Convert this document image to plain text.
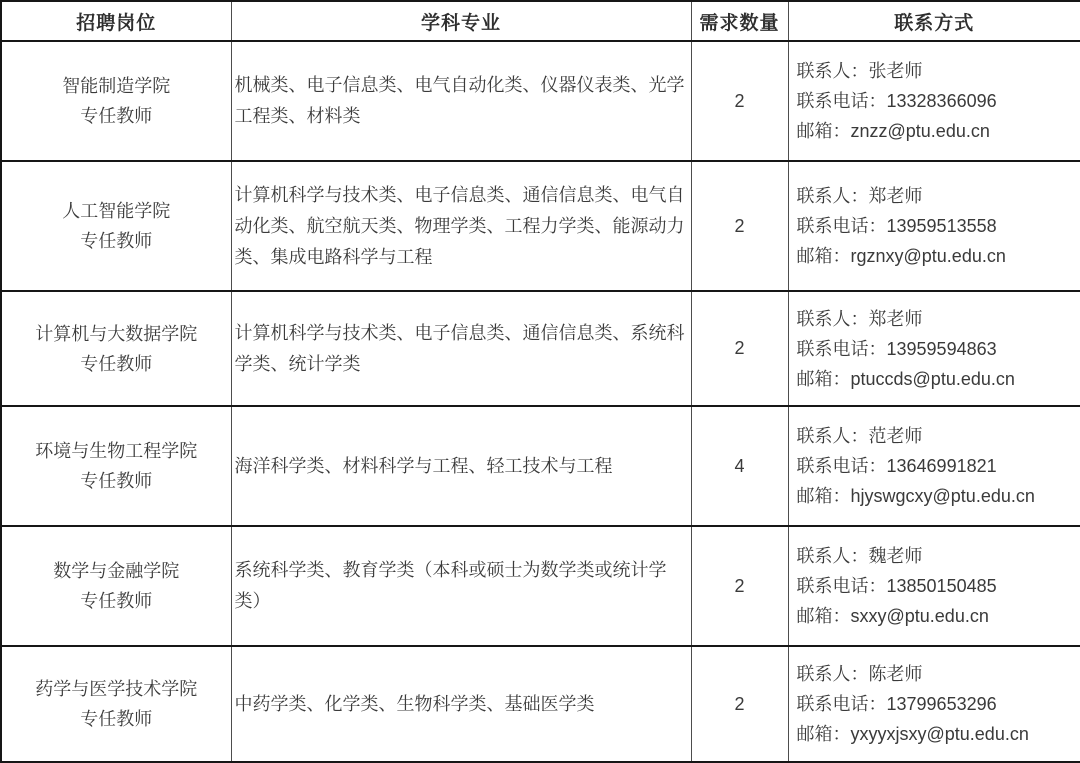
招聘岗位	学科专业	需求数量	联系方式

智能制造学院
专任教师
	机械类、电子信息类、电气自动化类、仪器仪表类、光学工程类、材料类	2	
联系人：张老师
联系电话：13328366096
邮箱：znzz@ptu.edu.cn

人工智能学院
专任教师
	计算机科学与技术类、电子信息类、通信信息类、电气自动化类、航空航天类、物理学类、工程力学类、能源动力类、集成电路科学与工程	2	
联系人：郑老师
联系电话：13959513558
邮箱：rgznxy@ptu.edu.cn

计算机与大数据学院
专任教师
	计算机科学与技术类、电子信息类、通信信息类、系统科学类、统计学类	2	
联系人：郑老师
联系电话：13959594863
邮箱：ptuccds@ptu.edu.cn

环境与生物工程学院
专任教师
	海洋科学类、材料科学与工程、轻工技术与工程	4	
联系人：范老师
联系电话：13646991821
邮箱：hjyswgcxy@ptu.edu.cn

数学与金融学院
专任教师
	系统科学类、教育学类（本科或硕士为数学类或统计学类）	2	
联系人：魏老师
联系电话：13850150485
邮箱：sxxy@ptu.edu.cn

药学与医学技术学院
专任教师
	中药学类、化学类、生物科学类、基础医学类	2	
联系人：陈老师
联系电话：13799653296
邮箱：yxyyxjsxy@ptu.edu.cn
